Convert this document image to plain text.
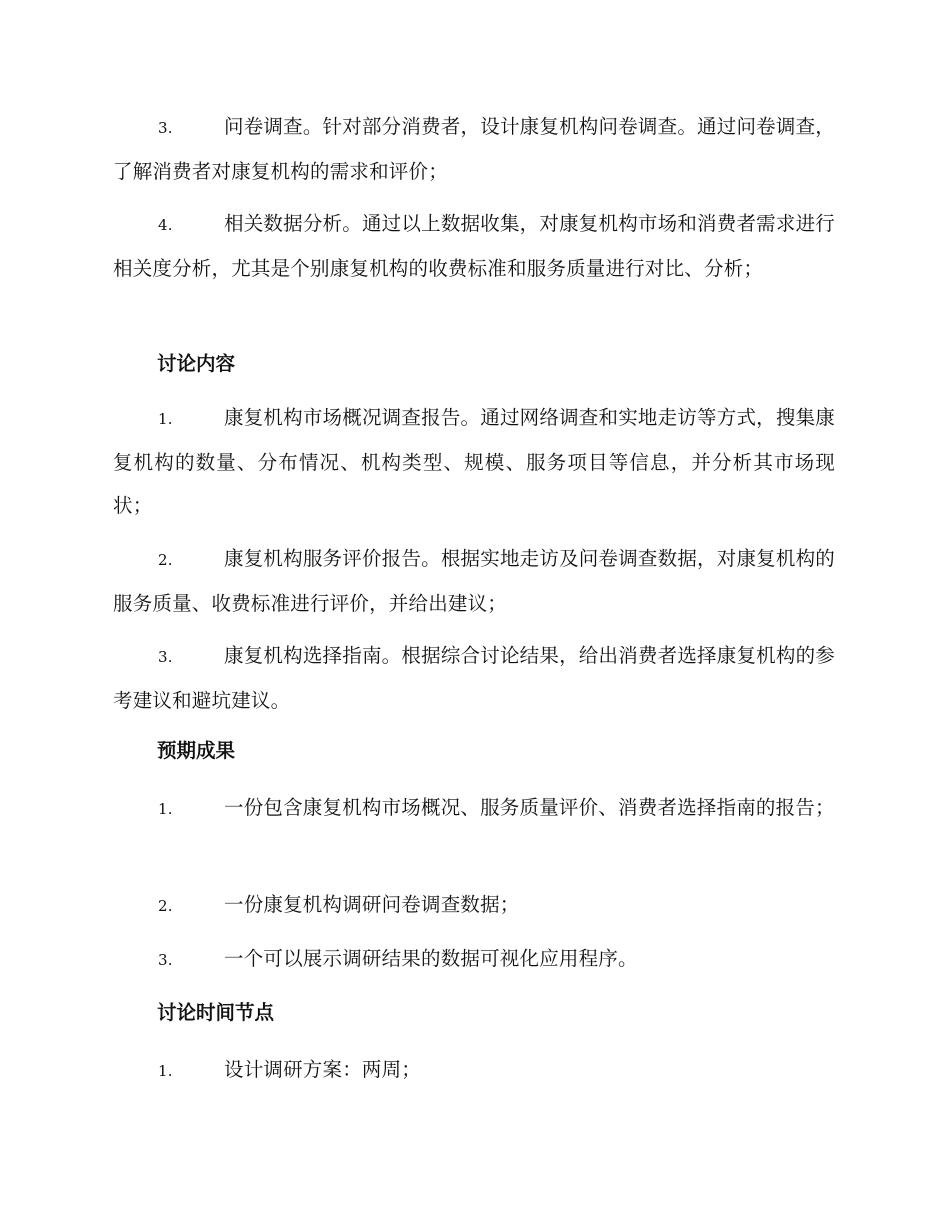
3.	问卷调查。针对部分消费者，设计康复机构问卷调查。通过问卷调查，了解消费者对康复机构的需求和评价；

4.	相关数据分析。通过以上数据收集，对康复机构市场和消费者需求进行相关度分析，尤其是个别康复机构的收费标准和服务质量进行对比、分析；

讨论内容

1.	康复机构市场概况调查报告。通过网络调查和实地走访等方式，搜集康复机构的数量、分布情况、机构类型、规模、服务项目等信息，并分析其市场现状；

2.	康复机构服务评价报告。根据实地走访及问卷调查数据，对康复机构的服务质量、收费标准进行评价，并给出建议；

3.	康复机构选择指南。根据综合讨论结果，给出消费者选择康复机构的参考建议和避坑建议。

预期成果

1.	一份包含康复机构市场概况、服务质量评价、消费者选择指南的报告；

2.	一份康复机构调研问卷调查数据；

3.	一个可以展示调研结果的数据可视化应用程序。

讨论时间节点

1.	设计调研方案：两周；
